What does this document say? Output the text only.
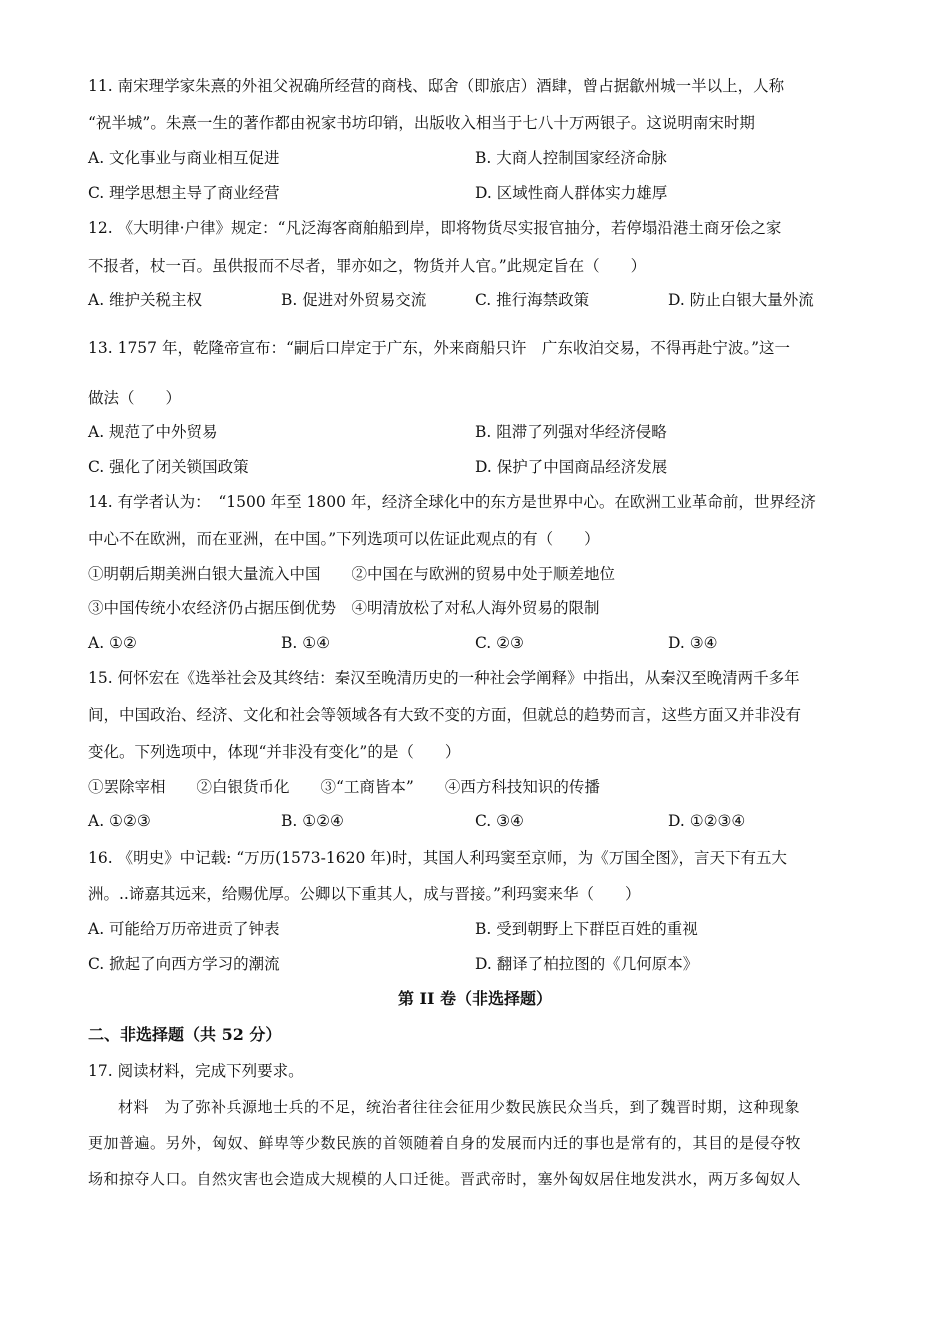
11. 南宋理学家朱熹的外祖父祝确所经营的商栈、邸舍（即旅店）酒肆，曾占据歙州城一半以上，人称
“祝半城”。朱熹一生的著作都由祝家书坊印销，出版收入相当于七八十万两银子。这说明南宋时期
A. 文化事业与商业相互促进	B. 大商人控制国家经济命脉
C. 理学思想主导了商业经营	D. 区域性商人群体实力雄厚
12. 《大明律·户律》规定：“凡泛海客商舶船到岸，即将物货尽实报官抽分，若停塌沿港土商牙侩之家
不报者，杖一百。虽供报而不尽者，罪亦如之，物货并人官。”此规定旨在（　　）
A. 维护关税主权	B. 促进对外贸易交流	C. 推行海禁政策	D. 防止白银大量外流
13. 1757 年，乾隆帝宣布：“嗣后口岸定于广东，外来商船只许　广东收泊交易，不得再赴宁波。”这一
做法（　　）
A. 规范了中外贸易	B. 阻滞了列强对华经济侵略
C. 强化了闭关锁国政策	D. 保护了中国商品经济发展
14. 有学者认为：　“1500 年至 1800 年，经济全球化中的东方是世界中心。在欧洲工业革命前，世界经济
中心不在欧洲，而在亚洲，在中国。”下列选项可以佐证此观点的有（　　）
①明朝后期美洲白银大量流入中国　　②中国在与欧洲的贸易中处于顺差地位
③中国传统小农经济仍占据压倒优势　④明清放松了对私人海外贸易的限制
A. ①②	B. ①④	C. ②③	D. ③④
15. 何怀宏在《选举社会及其终结：秦汉至晚清历史的一种社会学阐释》中指出，从秦汉至晚清两千多年
间，中国政治、经济、文化和社会等领域各有大致不变的方面，但就总的趋势而言，这些方面又并非没有
变化。下列选项中，体现“并非没有变化”的是（　　）
①罢除宰相　　②白银货币化　　③“工商皆本”　　④西方科技知识的传播
A. ①②③	B. ①②④	C. ③④	D. ①②③④
16. 《明史》中记载: “万历(1573-1620 年)时，其国人利玛窦至京师，为《万国全图》，言天下有五大
洲。..谛嘉其远来，给赐优厚。公卿以下重其人，成与晋接。”利玛窦来华（　　）
A. 可能给万历帝进贡了钟表	B. 受到朝野上下群臣百姓的重视
C. 掀起了向西方学习的潮流	D. 翻译了柏拉图的《几何原本》
第 II 卷（非选择题）
二、非选择题（共 52 分）
17. 阅读材料，完成下列要求。
材料　为了弥补兵源地士兵的不足，统治者往往会征用少数民族民众当兵，到了魏晋时期，这种现象
更加普遍。另外，匈奴、鲜卑等少数民族的首领随着自身的发展而内迁的事也是常有的，其目的是侵夺牧
场和掠夺人口。自然灾害也会造成大规模的人口迁徙。晋武帝时，塞外匈奴居住地发洪水，两万多匈奴人
